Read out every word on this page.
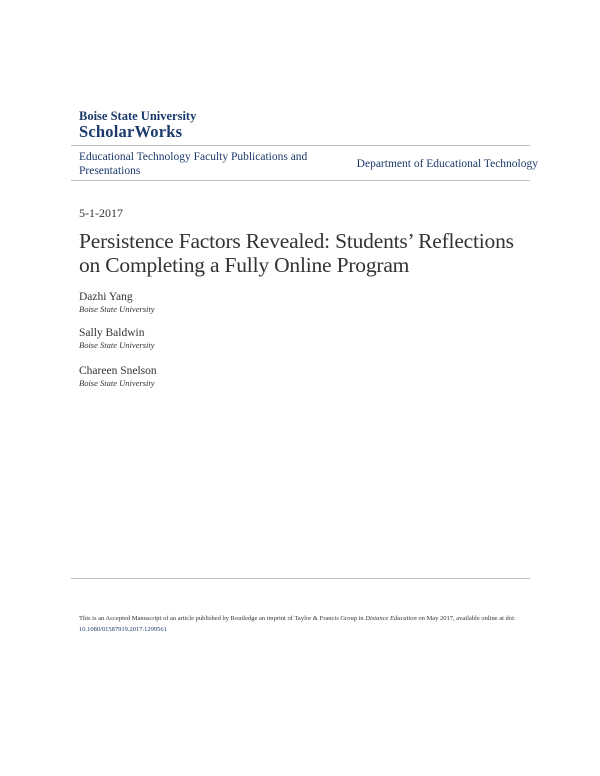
Boise State University
ScholarWorks
Educational Technology Faculty Publications and Presentations
Department of Educational Technology
5-1-2017
Persistence Factors Revealed: Students’ Reflections on Completing a Fully Online Program
Dazhi Yang
Boise State University
Sally Baldwin
Boise State University
Chareen Snelson
Boise State University
This is an Accepted Manuscript of an article published by Routledge an imprint of Taylor & Francis Group in Distance Education on May 2017, available online at doi: 10.1080/01587919.2017.1299561
